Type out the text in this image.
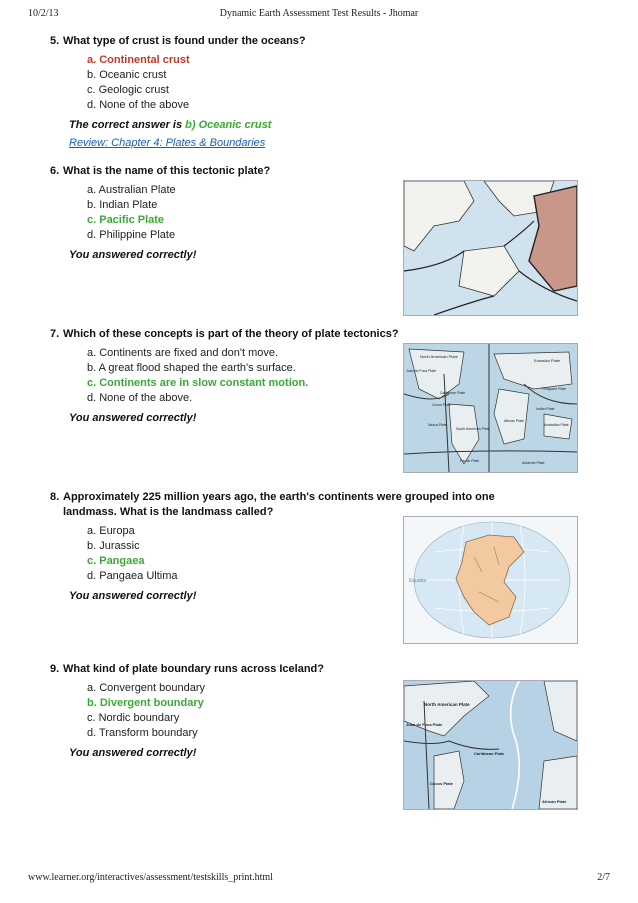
10/2/13	Dynamic Earth Assessment Test Results - Jhomar
5. What type of crust is found under the oceans?
a. Continental crust
b. Oceanic crust
c. Geologic crust
d. None of the above
The correct answer is b) Oceanic crust
Review: Chapter 4: Plates & Boundaries
6. What is the name of this tectonic plate?
a. Australian Plate
b. Indian Plate
c. Pacific Plate
d. Philippine Plate
You answered correctly!
7. Which of these concepts is part of the theory of plate tectonics?
a. Continents are fixed and don't move.
b. A great flood shaped the earth's surface.
c. Continents are in slow constant motion.
d. None of the above.
You answered correctly!
North American Plate
Eurasian Plate
Juan de Fuca Plate
Caribbean Plate
Cocos Plate
Nazca Plate
South American Plate
African Plate
Indian Plate
Australian Plate
Antarctic Plate
Pacific Plate
Philippine Plate
8. Approximately 225 million years ago, the earth's continents were grouped into one landmass. What is the landmass called?
a. Europa
b. Jurassic
c. Pangaea
d. Pangaea Ultima
You answered correctly!
Equator
9. What kind of plate boundary runs across Iceland?
a. Convergent boundary
b. Divergent boundary
c. Nordic boundary
d. Transform boundary
You answered correctly!
North American Plate
Juan de Fuca Plate
Caribbean Plate
Cocos Plate
African Plate
www.learner.org/interactives/assessment/testskills_print.html	2/7
